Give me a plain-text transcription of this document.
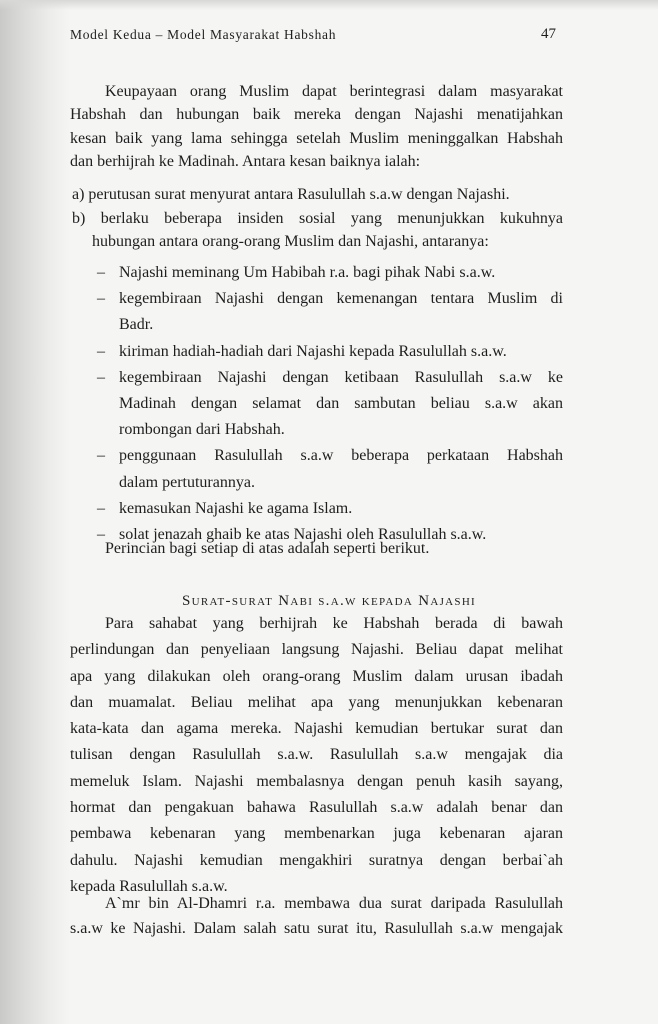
Model Kedua – Model Masyarakat Habshah	47
Keupayaan orang Muslim dapat berintegrasi dalam masyarakat
Habshah dan hubungan baik mereka dengan Najashi menatijahkan
kesan baik yang lama sehingga setelah Muslim meninggalkan Habshah
dan berhijrah ke Madinah. Antara kesan baiknya ialah:
a) perutusan surat menyurat antara Rasulullah s.a.w dengan Najashi.
b) berlaku beberapa insiden sosial yang menunjukkan kukuhnya
hubungan antara orang-orang Muslim dan Najashi, antaranya:
– Najashi meminang Um Habibah r.a. bagi pihak Nabi s.a.w.
– kegembiraan Najashi dengan kemenangan tentara Muslim di
Badr.
– kiriman hadiah-hadiah dari Najashi kepada Rasulullah s.a.w.
– kegembiraan Najashi dengan ketibaan Rasulullah s.a.w ke
Madinah dengan selamat dan sambutan beliau s.a.w akan
rombongan dari Habshah.
– penggunaan Rasulullah s.a.w beberapa perkataan Habshah
dalam pertuturannya.
– kemasukan Najashi ke agama Islam.
– solat jenazah ghaib ke atas Najashi oleh Rasulullah s.a.w.
Perincian bagi setiap di atas adalah seperti berikut.
Surat-surat Nabi s.a.w kepada Najashi
Para sahabat yang berhijrah ke Habshah berada di bawah
perlindungan dan penyeliaan langsung Najashi. Beliau dapat melihat
apa yang dilakukan oleh orang-orang Muslim dalam urusan ibadah
dan muamalat. Beliau melihat apa yang menunjukkan kebenaran
kata-kata dan agama mereka. Najashi kemudian bertukar surat dan
tulisan dengan Rasulullah s.a.w. Rasulullah s.a.w mengajak dia
memeluk Islam. Najashi membalasnya dengan penuh kasih sayang,
hormat dan pengakuan bahawa Rasulullah s.a.w adalah benar dan
pembawa kebenaran yang membenarkan juga kebenaran ajaran
dahulu. Najashi kemudian mengakhiri suratnya dengan berbai`ah
kepada Rasulullah s.a.w.
A`mr bin Al-Dhamri r.a. membawa dua surat daripada Rasulullah
s.a.w ke Najashi. Dalam salah satu surat itu, Rasulullah s.a.w mengajak
